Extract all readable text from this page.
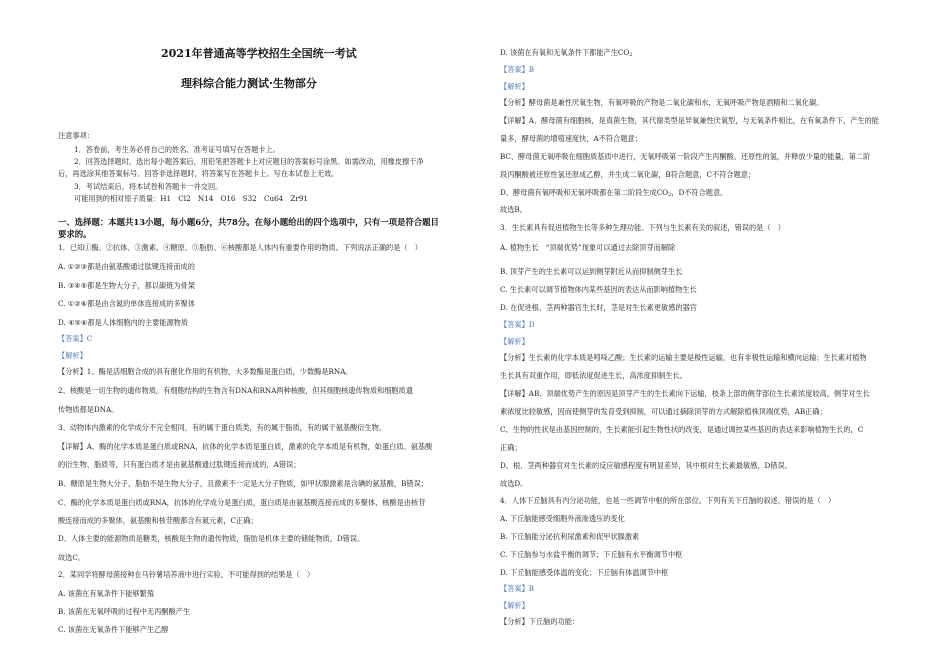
2021年普通高等学校招生全国统一考试
理科综合能力测试·生物部分
注意事项：
1．答卷前，考生务必将自己的姓名、准考证号填写在答题卡上。
2．回答选择题时，选出每小题答案后，用铅笔把答题卡上对应题目的答案标号涂黑。如需改动，用橡皮擦干净
后，再选涂其他答案标号。回答非选择题时，将答案写在答题卡上。写在本试卷上无效。
3．考试结束后，将本试卷和答题卡一并交回。
可能用到的相对原子质量：H1　Cl2　N14　O16　S32　Cu64　Zr91
一、选择题：本题共13小题，每小题6分，共78分。在每小题给出的四个选项中，只有一项是符合题目
要求的。
1．已知①酶、②抗体、③激素、④糖原、⑤脂肪、⑥核酸都是人体内有重要作用的物质。下列说法正确的是（　）
A. ①②③都是由氨基酸通过肽键连接而成的
B. ③④⑤都是生物大分子，都以碳链为骨架
C. ①②⑥都是由含氮的单体连接成的多聚体
D. ④⑤⑥都是人体细胞内的主要能源物质
【答案】C
【解析】
【分析】1、酶是活细胞合成的具有催化作用的有机物，大多数酶是蛋白质，少数酶是RNA。
2、核酸是一切生物的遗传物质。有细胞结构的生物含有DNA和RNA两种核酸，但其细胞核遗传物质和细胞质遗
传物质都是DNA。
3、动物体内激素的化学成分不完全相同，有的属于蛋白质类，有的属于脂质，有的属于氨基酸衍生物。
【详解】A、酶的化学本质是蛋白质或RNA，抗体的化学本质是蛋白质，激素的化学本质是有机物，如蛋白质、氨基酸
的衍生物、脂质等，只有蛋白质才是由氨基酸通过肽键连接而成的，A错误；
B、糖原是生物大分子，脂肪不是生物大分子，且激素不一定是大分子物质，如甲状腺激素是含碘的氨基酸，B错误；
C、酶的化学本质是蛋白质或RNA，抗体的化学成分是蛋白质，蛋白质是由氨基酸连接而成的多聚体，核酸是由核苷
酸连接而成的多聚体，氨基酸和核苷酸都含有氮元素，C正确；
D、人体主要的能源物质是糖类，核酸是生物的遗传物质，脂肪是机体主要的储能物质，D错误。
故选C。
2．某同学将酵母菌接种在马铃薯培养液中进行实验，不可能得到的结果是（　）
A. 该菌在有氧条件下能够繁殖
B. 该菌在无氧呼吸的过程中无丙酮酸产生
C. 该菌在无氧条件下能够产生乙醇
D. 该菌在有氧和无氧条件下都能产生$CO_2$
【答案】B
【解析】
【分析】酵母菌是兼性厌氧生物，有氧呼吸的产物是二氧化碳和水，无氧呼吸产物是酒精和二氧化碳。
【详解】A、酵母菌有细胞核，是真菌生物，其代谢类型是异氧兼性厌氧型，与无氧条件相比，在有氧条件下，产生的能
量多，酵母菌的增殖速度快，A不符合题意；
BC、酵母菌无氧呼吸在细胞质基质中进行，无氧呼吸第一阶段产生丙酮酸、还原性的氢，并释放少量的能量，第二阶
段丙酮酸被还原性氢还原成乙醇，并生成二氧化碳，B符合题意，C不符合题意；
D、酵母菌有氧呼吸和无氧呼吸都在第二阶段生成$CO_2$，D不符合题意。
故选B。
3．生长素具有促进植物生长等多种生理功能。下列与生长素有关的叙述，错误的是（　）
A. 植物生长　“顶端优势”现象可以通过去除顶芽而解除
B. 顶芽产生的生长素可以运到侧芽附近从而抑制侧芽生长
C. 生长素可以调节植物体内某些基因的表达从而影响植物生长
D. 在促进根、茎两种器官生长时，茎是对生长素更敏感的器官
【答案】D
【解析】
【分析】生长素的化学本质是吲哚乙酸；生长素的运输主要是极性运输，也有非极性运输和横向运输；生长素对植物
生长具有双重作用，即低浓度促进生长，高浓度抑制生长。
【详解】AB、顶端优势产生的原因是顶芽产生的生长素向下运输，枝条上部的侧芽部位生长素浓度较高，侧芽对生长
素浓度比较敏感，因而使侧芽的发育受到抑制，可以通过摘除顶芽的方式解除植株顶端优势，AB正确；
C、生物的性状是由基因控制的，生长素能引起生物性状的改变，是通过调控某些基因的表达来影响植物生长的，C
正确；
D、根、茎两种器官对生长素的反应敏感程度有明显差异，其中根对生长素最敏感，D错误。
故选D。
4．人体下丘脑具有内分泌功能，也是一些调节中枢的所在部位。下列有关下丘脑的叙述，错误的是（　）
A. 下丘脑能感受细胞外液渗透压的变化
B. 下丘脑能分泌抗利尿激素和促甲状腺激素
C. 下丘脑参与水盐平衡的调节；下丘脑有水平衡调节中枢
D. 下丘脑能感受体温的变化；下丘脑有体温调节中枢
【答案】B
【解析】
【分析】下丘脑的功能：
